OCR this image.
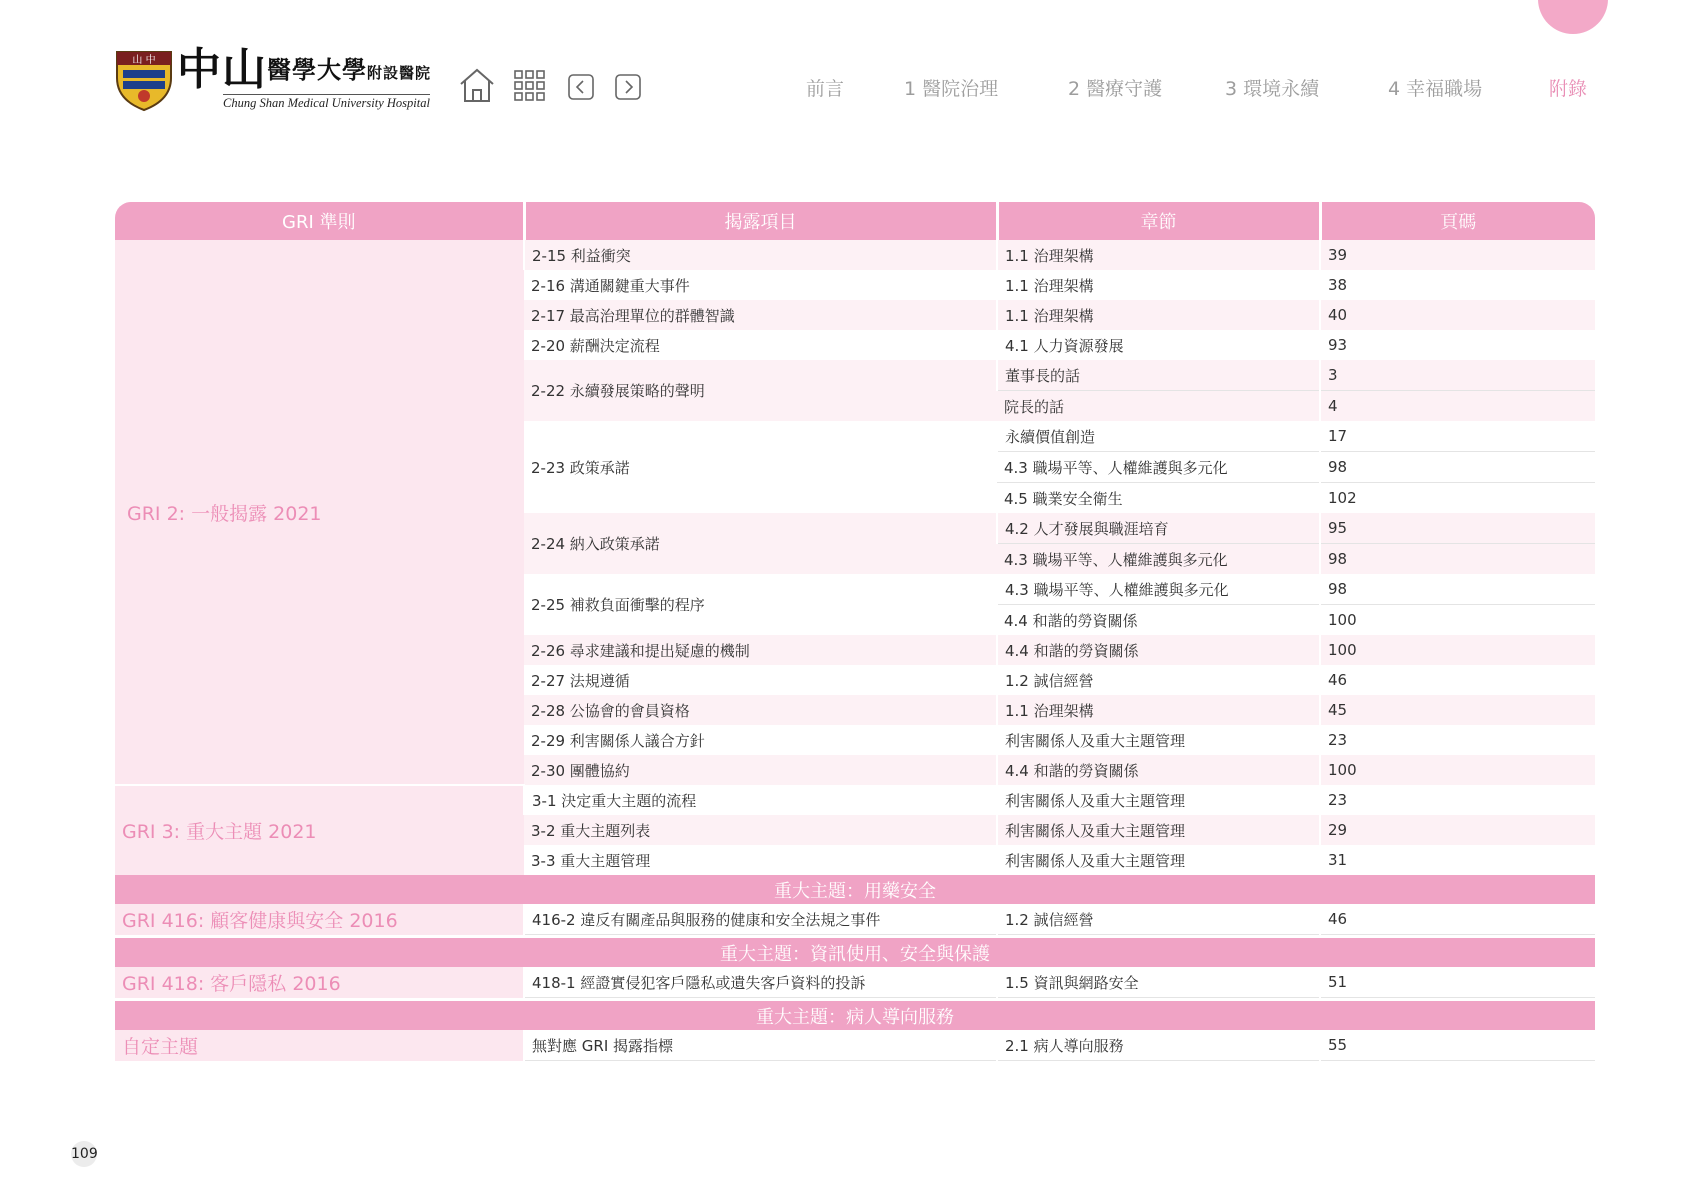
山 中 中山醫學大學附設醫院
Chung Shan Medical University Hospital
前言	1 醫院治理	2 醫療守護	3 環境永續	4 幸福職場	附錄
GRI 準則	揭露項目	章節	頁碼
GRI 2: 一般揭露 2021	2-15 利益衝突	1.1 治理架構	39
	2-16 溝通關鍵重大事件	1.1 治理架構	38
	2-17 最高治理單位的群體智識	1.1 治理架構	40
	2-20 薪酬決定流程	4.1 人力資源發展	93
	2-22 永續發展策略的聲明	董事長的話	3
		院長的話	4
	2-23 政策承諾	永續價值創造	17
		4.3 職場平等、人權維護與多元化	98
		4.5 職業安全衛生	102
	2-24 納入政策承諾	4.2 人才發展與職涯培育	95
		4.3 職場平等、人權維護與多元化	98
	2-25 補救負面衝擊的程序	4.3 職場平等、人權維護與多元化	98
		4.4 和諧的勞資關係	100
	2-26 尋求建議和提出疑慮的機制	4.4 和諧的勞資關係	100
	2-27 法規遵循	1.2 誠信經營	46
	2-28 公協會的會員資格	1.1 治理架構	45
	2-29 利害關係人議合方針	利害關係人及重大主題管理	23
	2-30 團體協約	4.4 和諧的勞資關係	100
GRI 3: 重大主題 2021	3-1 決定重大主題的流程	利害關係人及重大主題管理	23
	3-2 重大主題列表	利害關係人及重大主題管理	29
	3-3 重大主題管理	利害關係人及重大主題管理	31
重大主題：用藥安全			
GRI 416: 顧客健康與安全 2016	416-2 違反有關產品與服務的健康和安全法規之事件	1.2 誠信經營	46

重大主題：資訊使用、安全與保護			
GRI 418: 客戶隱私 2016	418-1 經證實侵犯客戶隱私或遺失客戶資料的投訴	1.5 資訊與網路安全	51

重大主題：病人導向服務			
自定主題	無對應 GRI 揭露指標	2.1 病人導向服務	55
109
